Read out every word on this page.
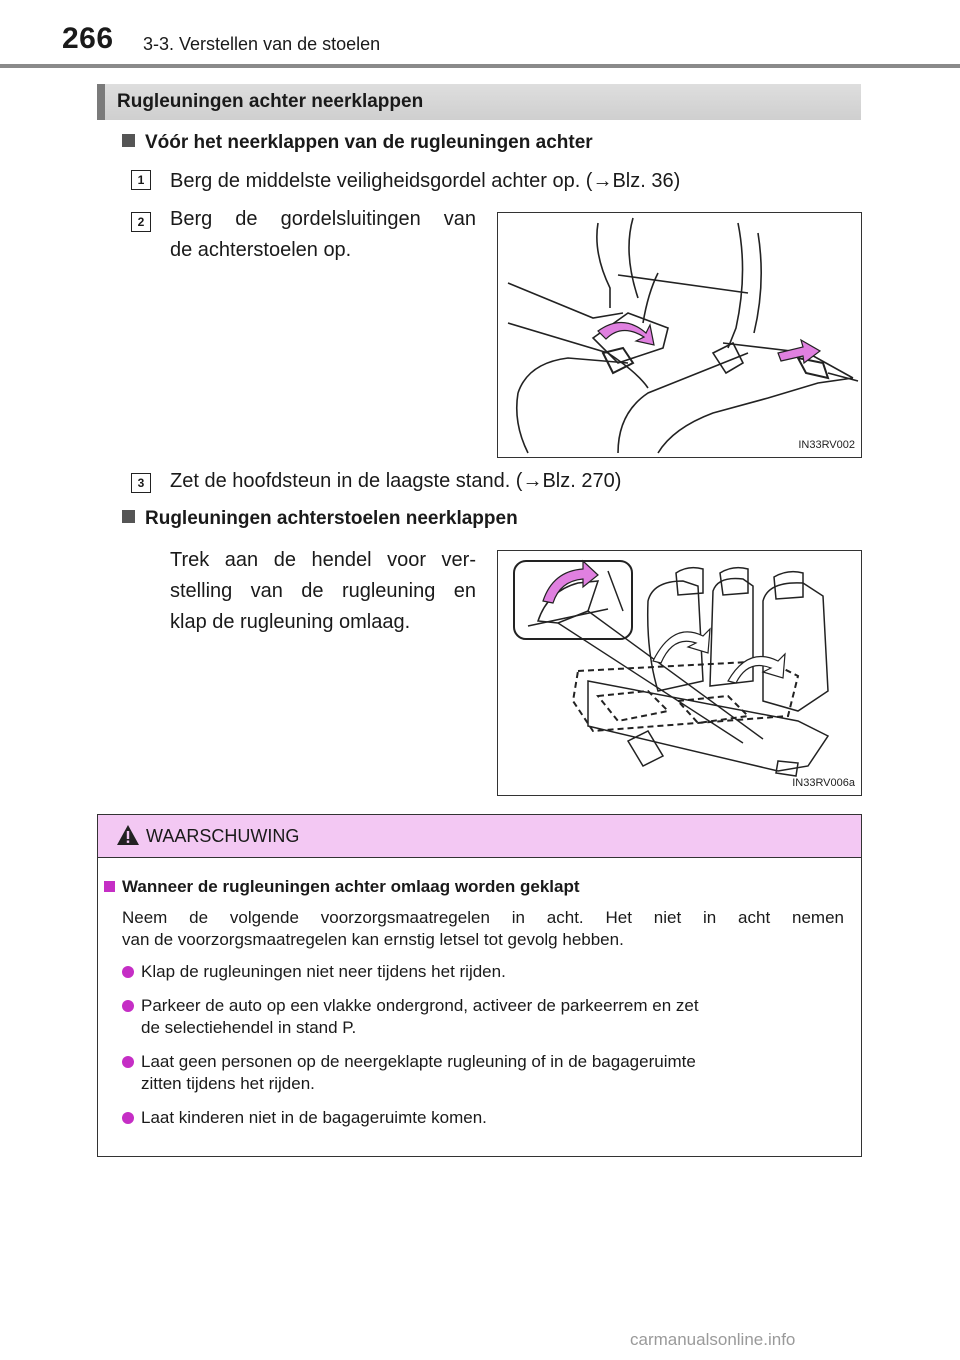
266 3-3. Verstellen van de stoelen
Rugleuningen achter neerklappen
Vóór het neerklappen van de rugleuningen achter
1	Berg de middelste veiligheidsgordel achter op. (→Blz. 36)
2	Berg de gordelsluitingen van
de achterstoelen op.
IN33RV002
3	Zet de hoofdsteun in de laagste stand. (→Blz. 270)
Rugleuningen achterstoelen neerklappen
Trek aan de hendel voor ver-
stelling van de rugleuning en
klap de rugleuning omlaag.
IN33RV006a
WAARSCHUWING
Wanneer de rugleuningen achter omlaag worden geklapt
Neem de volgende voorzorgsmaatregelen in acht. Het niet in acht nemen
van de voorzorgsmaatregelen kan ernstig letsel tot gevolg hebben.
Klap de rugleuningen niet neer tijdens het rijden.
Parkeer de auto op een vlakke ondergrond, activeer de parkeerrem en zet
de selectiehendel in stand P.
Laat geen personen op de neergeklapte rugleuning of in de bagageruimte
zitten tijdens het rijden.
Laat kinderen niet in de bagageruimte komen.
carmanualsonline.info
